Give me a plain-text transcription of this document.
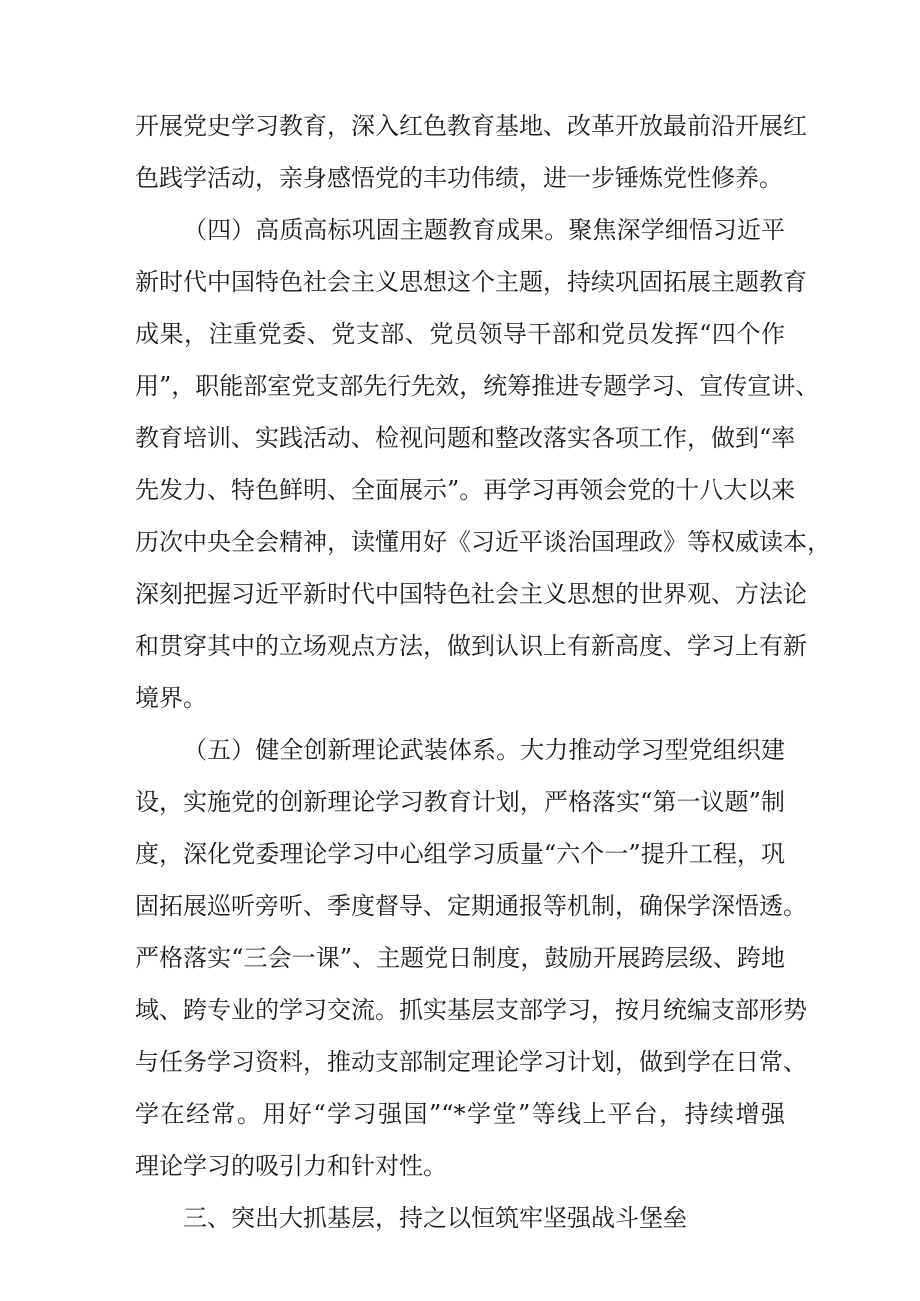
开展党史学习教育，深入红色教育基地、改革开放最前沿开展红
色践学活动，亲身感悟党的丰功伟绩，进一步锤炼党性修养。
（四）高质高标巩固主题教育成果。聚焦深学细悟习近平
新时代中国特色社会主义思想这个主题，持续巩固拓展主题教育
成果，注重党委、党支部、党员领导干部和党员发挥“四个作
用”，职能部室党支部先行先效，统筹推进专题学习、宣传宣讲、
教育培训、实践活动、检视问题和整改落实各项工作，做到“率
先发力、特色鲜明、全面展示”。再学习再领会党的十八大以来
历次中央全会精神，读懂用好《习近平谈治国理政》等权威读本，
深刻把握习近平新时代中国特色社会主义思想的世界观、方法论
和贯穿其中的立场观点方法，做到认识上有新高度、学习上有新
境界。
（五）健全创新理论武装体系。大力推动学习型党组织建
设，实施党的创新理论学习教育计划，严格落实“第一议题”制
度，深化党委理论学习中心组学习质量“六个一”提升工程，巩
固拓展巡听旁听、季度督导、定期通报等机制，确保学深悟透。
严格落实“三会一课”、主题党日制度，鼓励开展跨层级、跨地
域、跨专业的学习交流。抓实基层支部学习，按月统编支部形势
与任务学习资料，推动支部制定理论学习计划，做到学在日常、
学在经常。用好“学习强国”“*学堂”等线上平台，持续增强
理论学习的吸引力和针对性。
三、突出大抓基层，持之以恒筑牢坚强战斗堡垒
